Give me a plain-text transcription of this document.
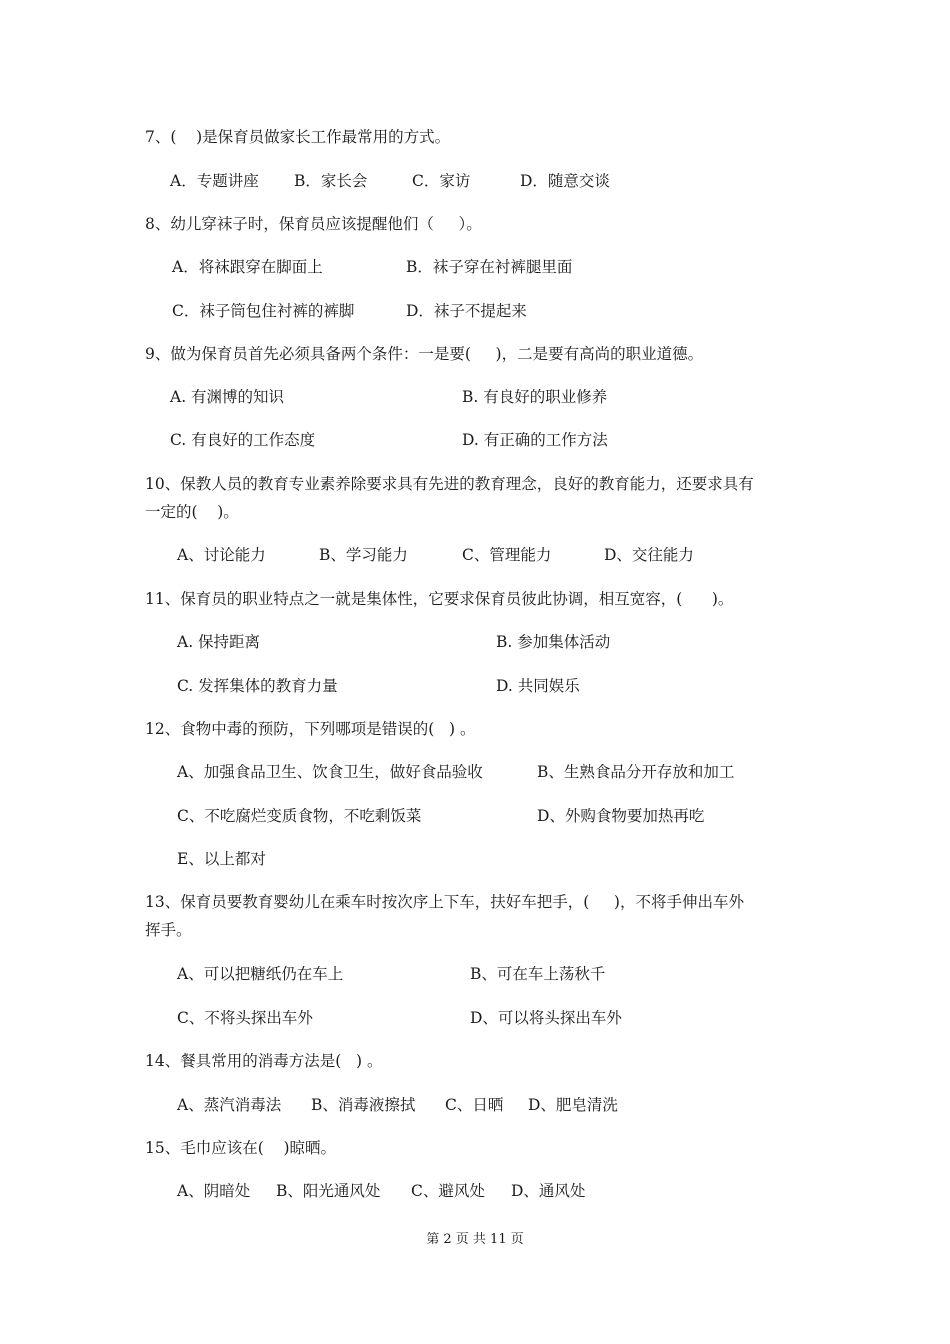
7、(    )是保育员做家长工作最常用的方式。
A．专题讲座 B．家长会	C．家访	D．随意交谈
8、幼儿穿袜子时，保育员应该提醒他们（     ）。
A．将袜跟穿在脚面上	B．袜子穿在衬裤腿里面
C．袜子筒包住衬裤的裤脚	D．袜子不提起来
9、做为保育员首先必须具备两个条件：一是要(     )，二是要有高尚的职业道德。
A. 有渊博的知识	B. 有良好的职业修养
C. 有良好的工作态度	D. 有正确的工作方法
10、保教人员的教育专业素养除要求具有先进的教育理念，良好的教育能力，还要求具有
一定的(    )。
A、讨论能力	B、学习能力	C、管理能力	D、交往能力
11、保育员的职业特点之一就是集体性，它要求保育员彼此协调，相互宽容，(      )。
A. 保持距离	B. 参加集体活动
C. 发挥集体的教育力量	D. 共同娱乐
12、食物中毒的预防，下列哪项是错误的(   ) 。
A、加强食品卫生、饮食卫生，做好食品验收	B、生熟食品分开存放和加工
C、不吃腐烂变质食物，不吃剩饭菜	D、外购食物要加热再吃
E、以上都对
13、保育员要教育婴幼儿在乘车时按次序上下车，扶好车把手，(     )，不将手伸出车外
挥手。
A、可以把糖纸仍在车上	B、可在车上荡秋千
C、不将头探出车外	D、可以将头探出车外
14、餐具常用的消毒方法是(   ) 。
A、蒸汽消毒法 B、消毒液擦拭 C、日晒 D、肥皂清洗
15、毛巾应该在(    )晾晒。
A、阴暗处 B、阳光通风处 C、避风处 D、通风处
第 2 页 共 11 页
